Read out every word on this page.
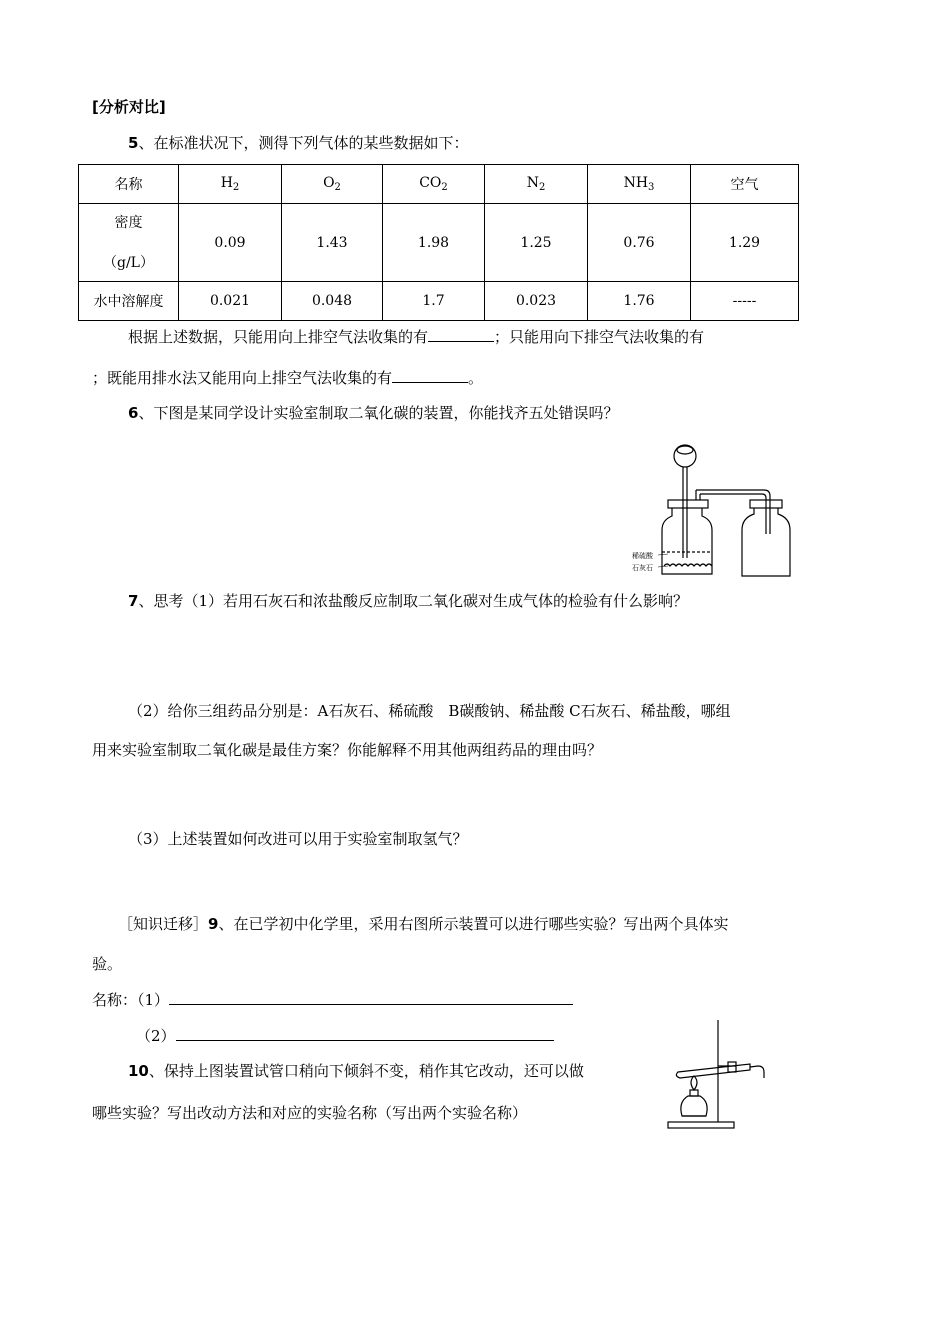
[分析对比]
5、在标准状况下，测得下列气体的某些数据如下：
名称	$H_2$	$O_2$	$CO_2$	$N_2$	$NH_3$	空气

密度
（g/L）	0.09	1.43	1.98	1.25	0.76	1.29
水中溶解度	0.021	0.048	1.7	0.023	1.76	-----
根据上述数据，只能用向上排空气法收集的有	；只能用向下排空气法收集的有
；既能用排水法又能用向上排空气法收集的有	。
6、下图是某同学设计实验室制取二氧化碳的装置，你能找齐五处错误吗？
稀硫酸
石灰石
7、思考（1）若用石灰石和浓盐酸反应制取二氧化碳对生成气体的检验有什么影响？
（2）给你三组药品分别是：A石灰石、稀硫酸　B碳酸钠、稀盐酸 C石灰石、稀盐酸，哪组
用来实验室制取二氧化碳是最佳方案？你能解释不用其他两组药品的理由吗？
（3）上述装置如何改进可以用于实验室制取氢气？
［知识迁移］9、在已学初中化学里，采用右图所示装置可以进行哪些实验？写出两个具体实
验。
名称：（1）
（2）
10、保持上图装置试管口稍向下倾斜不变，稍作其它改动，还可以做
哪些实验？写出改动方法和对应的实验名称（写出两个实验名称）
